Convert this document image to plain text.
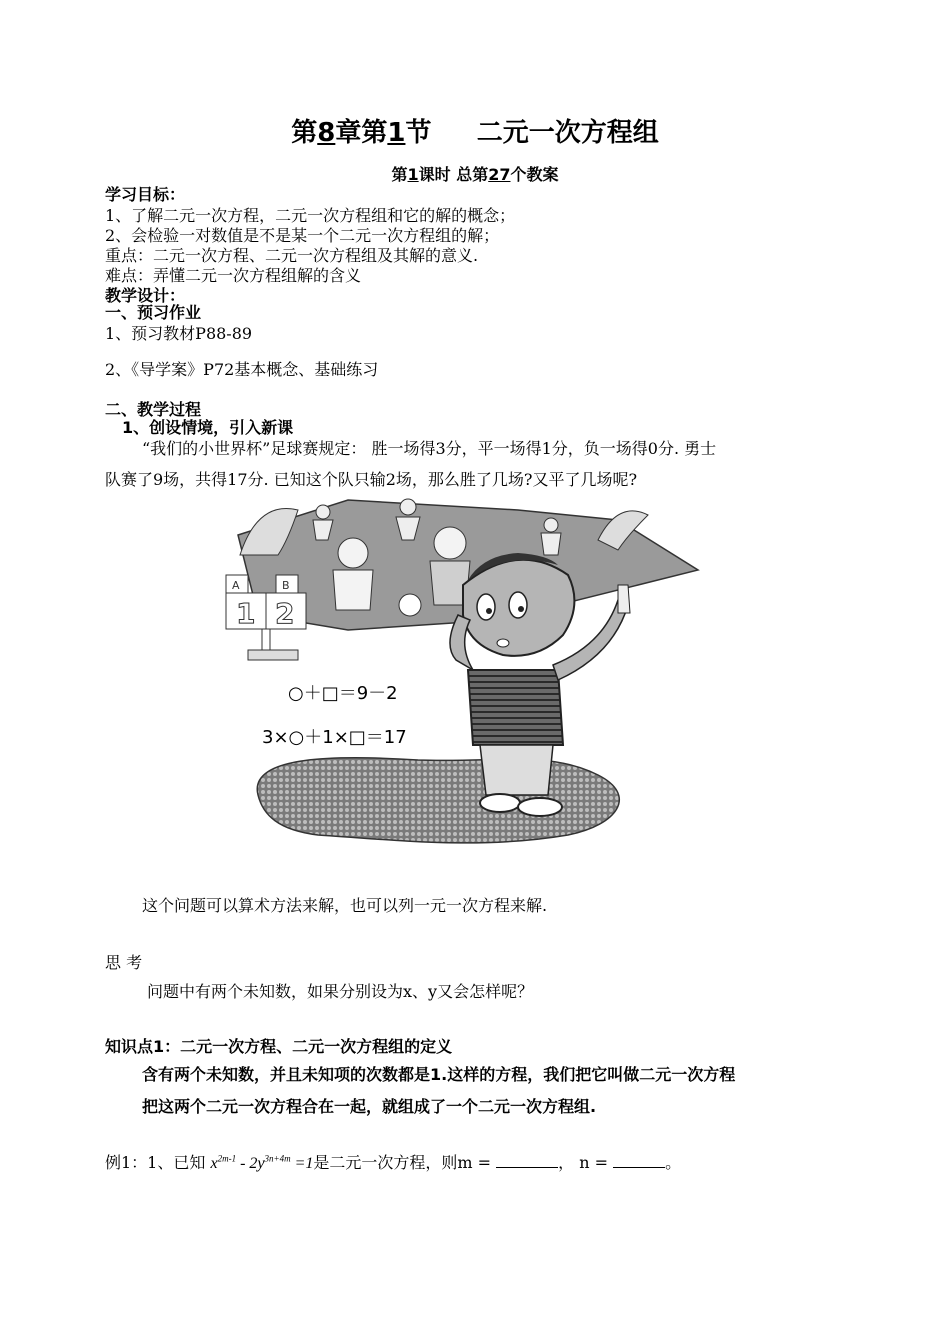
第8章第1节 二元一次方程组
第1课时 总第27个教案
学习目标：
1、了解二元一次方程，二元一次方程组和它的解的概念；
2、会检验一对数值是不是某一个二元一次方程组的解；
重点：二元一次方程、二元一次方程组及其解的意义.
难点：弄懂二元一次方程组解的含义
教学设计：
一、预习作业
1、预习教材P88-89
2、《导学案》P72基本概念、基础练习
二、教学过程
1、创设情境，引入新课
“我们的小世界杯”足球赛规定： 胜一场得3分，平一场得1分，负一场得0分. 勇士
队赛了9场，共得17分. 已知这个队只输2场，那么胜了几场?又平了几场呢?
A	B
1 2
○＋□＝9－2
3×○＋1×□＝17
这个问题可以算术方法来解，也可以列一元一次方程来解.
思 考
问题中有两个未知数，如果分别设为x、y又会怎样呢？
知识点1：二元一次方程、二元一次方程组的定义
含有两个未知数，并且未知项的次数都是1.这样的方程，我们把它叫做二元一次方程
把这两个二元一次方程合在一起，就组成了一个二元一次方程组.
例1：1、已知 $x^{2m-1} - 2y^{3n+4m} =1$是二元一次方程，则m =	， n =	。
